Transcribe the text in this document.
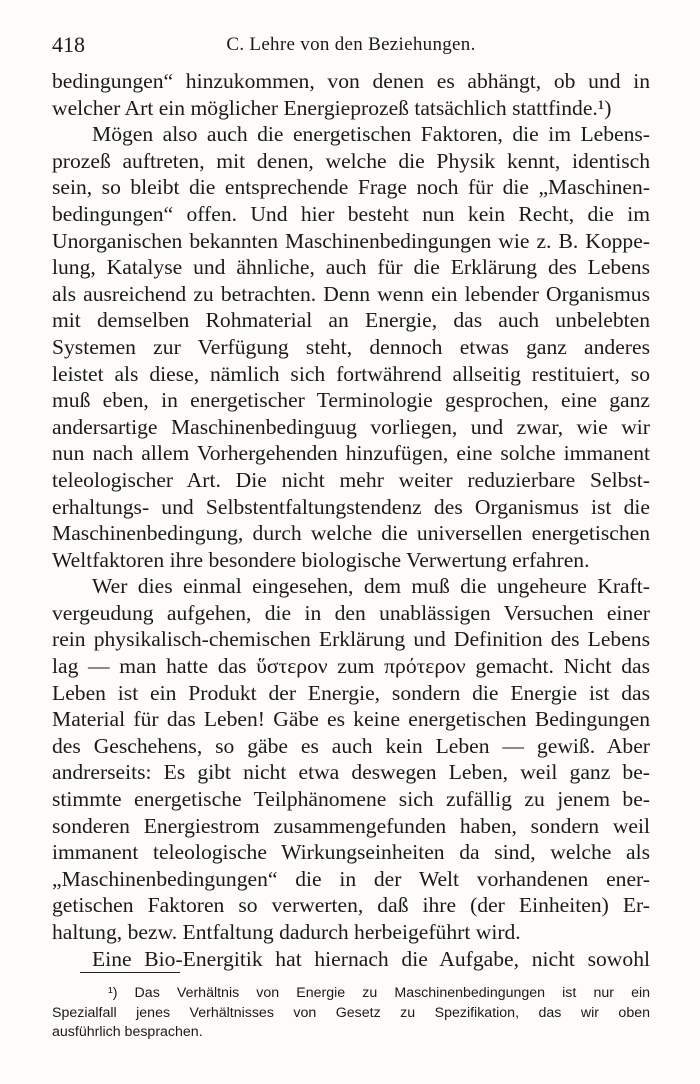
418	C. Lehre von den Beziehungen.
bedingungen“ hinzukommen, von denen es abhängt, ob und in
welcher Art ein möglicher Energieprozeß tatsächlich stattfinde.¹)
Mögen also auch die energetischen Faktoren, die im Lebens-
prozeß auftreten, mit denen, welche die Physik kennt, identisch
sein, so bleibt die entsprechende Frage noch für die „Maschinen-
bedingungen“ offen. Und hier besteht nun kein Recht, die im
Unorganischen bekannten Maschinenbedingungen wie z. B. Koppe-
lung, Katalyse und ähnliche, auch für die Erklärung des Lebens
als ausreichend zu betrachten. Denn wenn ein lebender Organismus
mit demselben Rohmaterial an Energie, das auch unbelebten
Systemen zur Verfügung steht, dennoch etwas ganz anderes
leistet als diese, nämlich sich fortwährend allseitig restituiert, so
muß eben, in energetischer Terminologie gesprochen, eine ganz
andersartige Maschinenbedinguug vorliegen, und zwar, wie wir
nun nach allem Vorhergehenden hinzufügen, eine solche immanent
teleologischer Art. Die nicht mehr weiter reduzierbare Selbst-
erhaltungs- und Selbstentfaltungstendenz des Organismus ist die
Maschinenbedingung, durch welche die universellen energetischen
Weltfaktoren ihre besondere biologische Verwertung erfahren.
Wer dies einmal eingesehen, dem muß die ungeheure Kraft-
vergeudung aufgehen, die in den unablässigen Versuchen einer
rein physikalisch-chemischen Erklärung und Definition des Lebens
lag — man hatte das ὕστερον zum πρότερον gemacht. Nicht das
Leben ist ein Produkt der Energie, sondern die Energie ist das
Material für das Leben! Gäbe es keine energetischen Bedingungen
des Geschehens, so gäbe es auch kein Leben — gewiß. Aber
andrerseits: Es gibt nicht etwa deswegen Leben, weil ganz be-
stimmte energetische Teilphänomene sich zufällig zu jenem be-
sonderen Energiestrom zusammengefunden haben, sondern weil
immanent teleologische Wirkungseinheiten da sind, welche als
„Maschinenbedingungen“ die in der Welt vorhandenen ener-
getischen Faktoren so verwerten, daß ihre (der Einheiten) Er-
haltung, bezw. Entfaltung dadurch herbeigeführt wird.
Eine Bio-Energitik hat hiernach die Aufgabe, nicht sowohl
¹) Das Verhältnis von Energie zu Maschinenbedingungen ist nur ein
Spezialfall jenes Verhältnisses von Gesetz zu Spezifikation, das wir oben
ausführlich besprachen.
